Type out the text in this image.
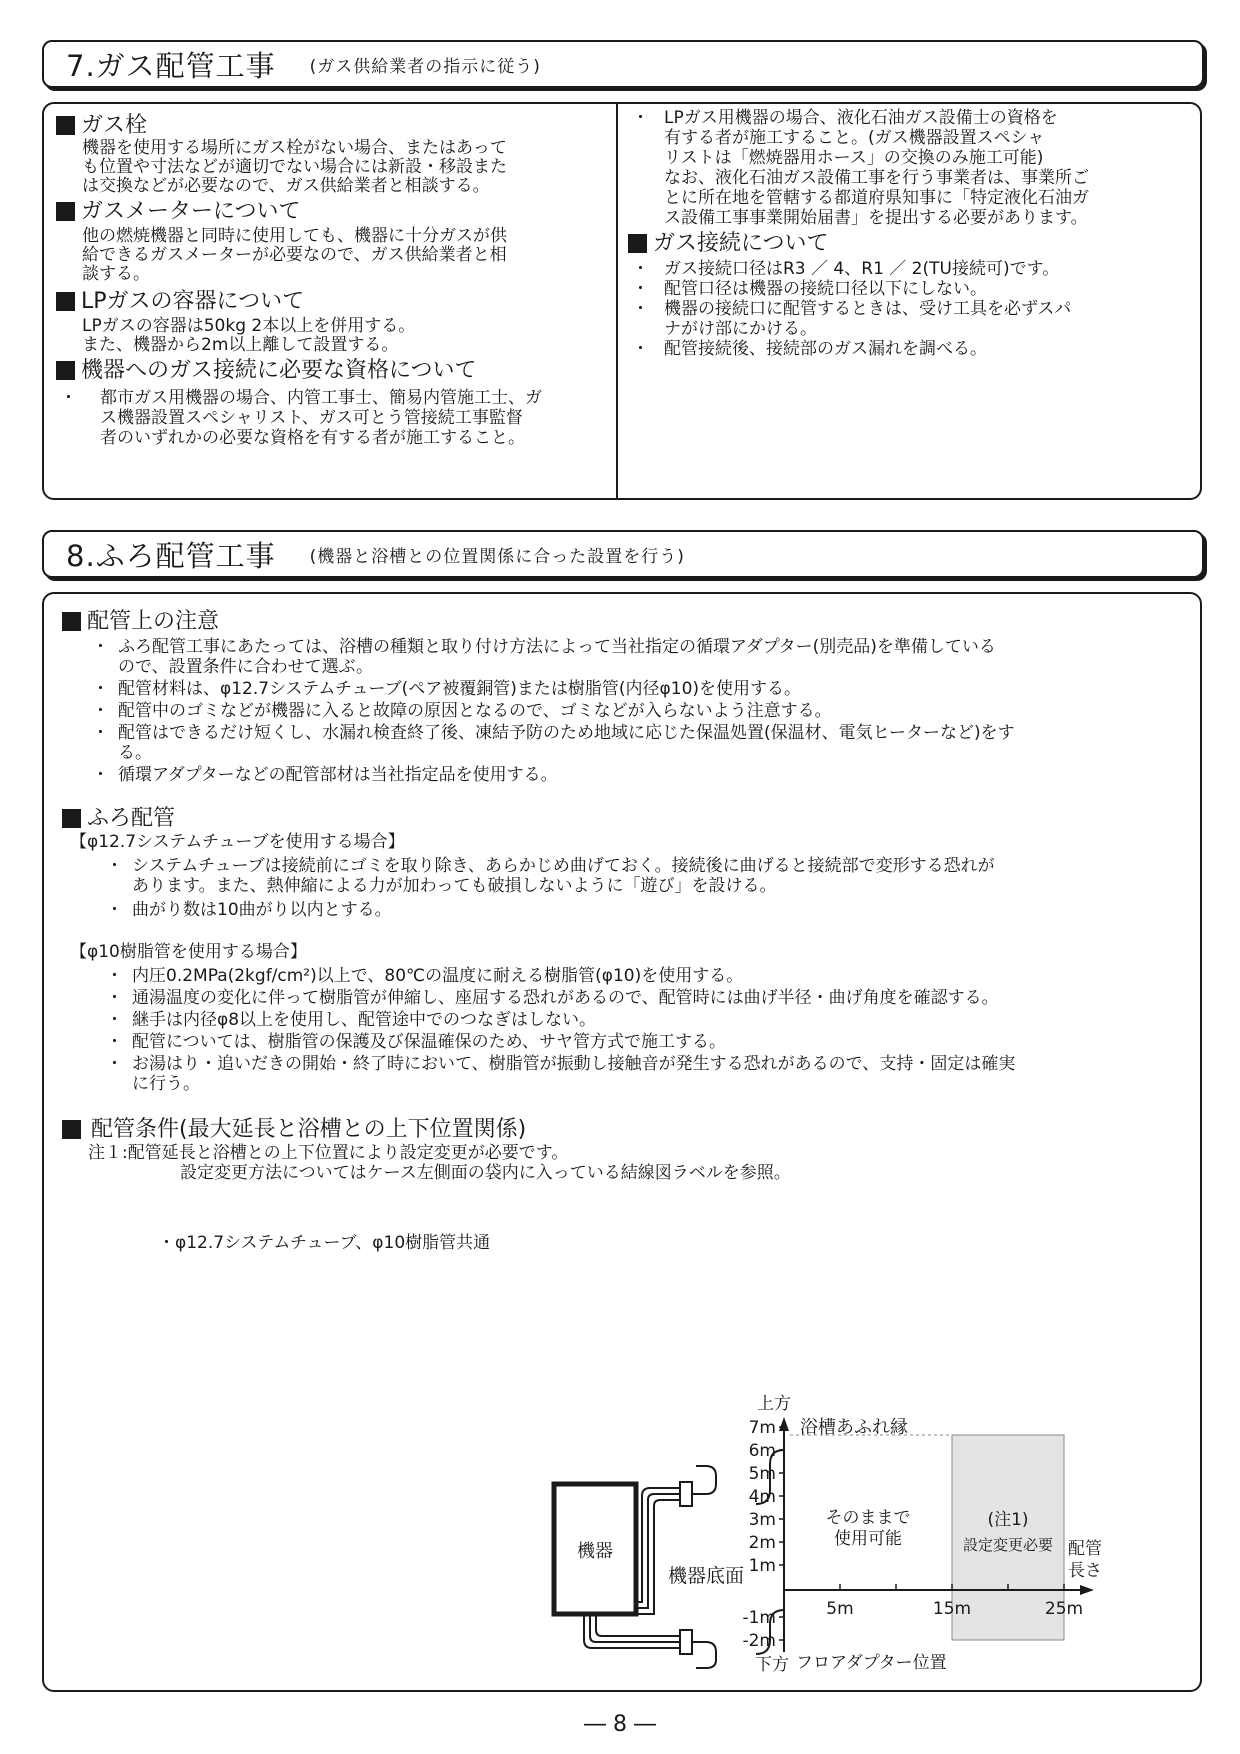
7.ガス配管工事 (ガス供給業者の指示に従う)
ガス栓
機器を使用する場所にガス栓がない場合、またはあって
も位置や寸法などが適切でない場合には新設・移設また
は交換などが必要なので、ガス供給業者と相談する。
ガスメーターについて
他の燃焼機器と同時に使用しても、機器に十分ガスが供
給できるガスメーターが必要なので、ガス供給業者と相
談する。
LPガスの容器について
LPガスの容器は50kg 2本以上を併用する。
また、機器から2m以上離して設置する。
機器へのガス接続に必要な資格について
・ 都市ガス用機器の場合、内管工事士、簡易内管施工士、ガ
ス機器設置スペシャリスト、ガス可とう管接続工事監督
者のいずれかの必要な資格を有する者が施工すること。
・ LPガス用機器の場合、液化石油ガス設備士の資格を
有する者が施工すること。(ガス機器設置スペシャ
リストは「燃焼器用ホース」の交換のみ施工可能)
なお、液化石油ガス設備工事を行う事業者は、事業所ご
とに所在地を管轄する都道府県知事に「特定液化石油ガ
ス設備工事事業開始届書」を提出する必要があります。
ガス接続について
・ ガス接続口径はR3 ／ 4、R1 ／ 2(TU接続可)です。
・ 配管口径は機器の接続口径以下にしない。
・ 機器の接続口に配管するときは、受け工具を必ずスパ
ナがけ部にかける。
・ 配管接続後、接続部のガス漏れを調べる。
8.ふろ配管工事 (機器と浴槽との位置関係に合った設置を行う)
配管上の注意
・ ふろ配管工事にあたっては、浴槽の種類と取り付け方法によって当社指定の循環アダプター(別売品)を準備している
ので、設置条件に合わせて選ぶ。
・ 配管材料は、φ12.7システムチューブ(ペア被覆銅管)または樹脂管(内径φ10)を使用する。
・ 配管中のゴミなどが機器に入ると故障の原因となるので、ゴミなどが入らないよう注意する。
・ 配管はできるだけ短くし、水漏れ検査終了後、凍結予防のため地域に応じた保温処置(保温材、電気ヒーターなど)をす
る。
・ 循環アダプターなどの配管部材は当社指定品を使用する。
ふろ配管
【φ12.7システムチューブを使用する場合】
・ システムチューブは接続前にゴミを取り除き、あらかじめ曲げておく。接続後に曲げると接続部で変形する恐れが
あります。また、熱伸縮による力が加わっても破損しないように「遊び」を設ける。
・ 曲がり数は10曲がり以内とする。
【φ10樹脂管を使用する場合】
・ 内圧0.2MPa(2kgf/cm²)以上で、80℃の温度に耐える樹脂管(φ10)を使用する。
・ 通湯温度の変化に伴って樹脂管が伸縮し、座屈する恐れがあるので、配管時には曲げ半径・曲げ角度を確認する。
・ 継手は内径φ8以上を使用し、配管途中でのつなぎはしない。
・ 配管については、樹脂管の保護及び保温確保のため、サヤ管方式で施工する。
・ お湯はり・追いだきの開始・終了時において、樹脂管が振動し接触音が発生する恐れがあるので、支持・固定は確実
に行う。
配管条件(最大延長と浴槽との上下位置関係)
注１:配管延長と浴槽との上下位置により設定変更が必要です。
設定変更方法についてはケース左側面の袋内に入っている結線図ラベルを参照。
・φ12.7システムチューブ、φ10樹脂管共通
機器
7m
6m
5m
4m
3m
2m
1m
-1m
-2m
5m	15m	25m
上方
下方
浴槽あふれ縁
フロアダプター位置
機器底面
そのままで
使用可能
(注1)
設定変更必要 配管
長さ
― 8 ―
